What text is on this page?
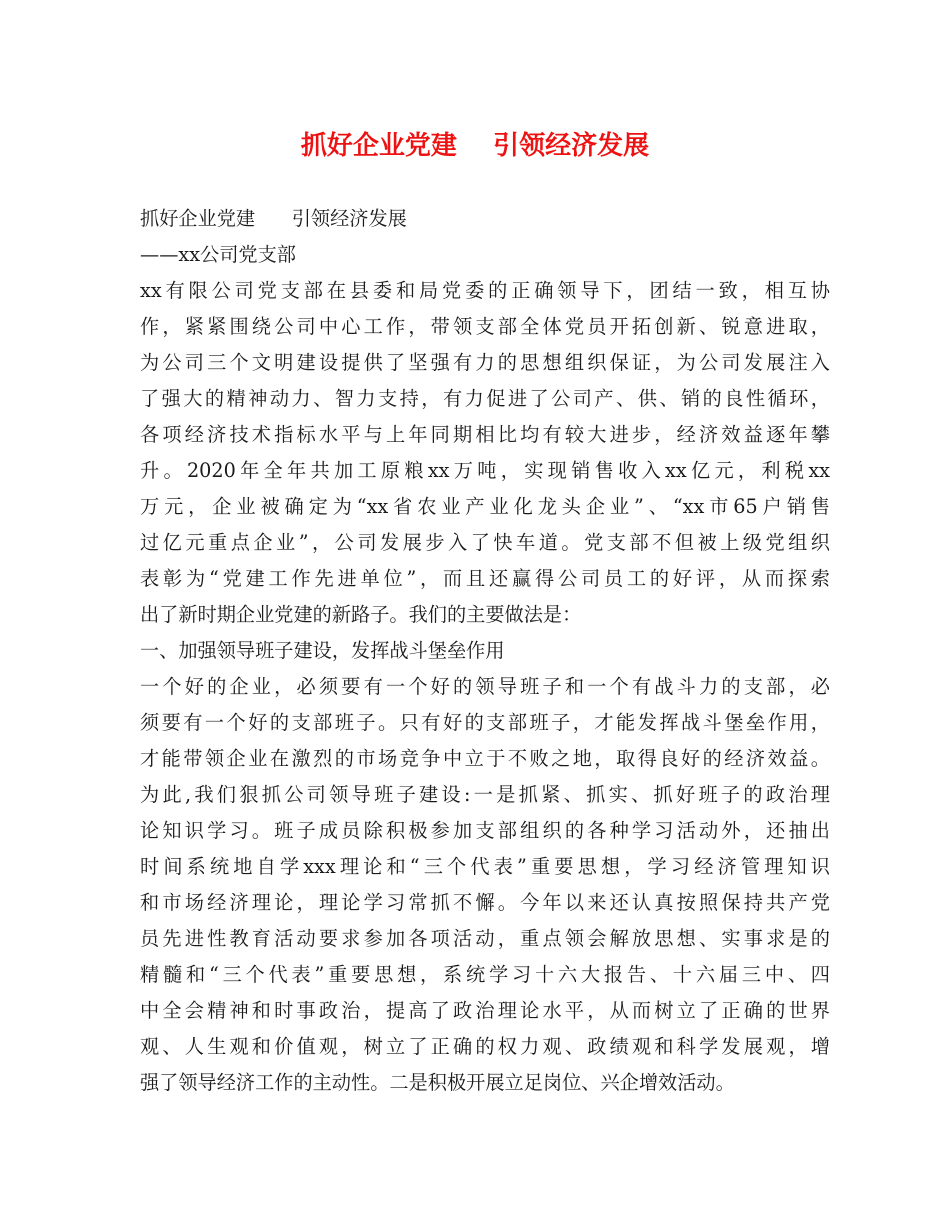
抓好企业党建    引领经济发展
抓好企业党建      引领经济发展
——xx公司党支部
xx有限公司党支部在县委和局党委的正确领导下，团结一致，相互协
作，紧紧围绕公司中心工作，带领支部全体党员开拓创新、锐意进取，
为公司三个文明建设提供了坚强有力的思想组织保证，为公司发展注入
了强大的精神动力、智力支持，有力促进了公司产、供、销的良性循环，
各项经济技术指标水平与上年同期相比均有较大进步，经济效益逐年攀
升。2020年全年共加工原粮xx万吨，实现销售收入xx亿元，利税xx
万元，企业被确定为“xx省农业产业化龙头企业”、“xx市65户销售
过亿元重点企业”，公司发展步入了快车道。党支部不但被上级党组织
表彰为“党建工作先进单位”，而且还赢得公司员工的好评，从而探索
出了新时期企业党建的新路子。我们的主要做法是：
一、加强领导班子建设，发挥战斗堡垒作用
一个好的企业，必须要有一个好的领导班子和一个有战斗力的支部，必
须要有一个好的支部班子。只有好的支部班子，才能发挥战斗堡垒作用，
才能带领企业在激烈的市场竞争中立于不败之地，取得良好的经济效益。
为此,我们狠抓公司领导班子建设:一是抓紧、抓实、抓好班子的政治理
论知识学习。班子成员除积极参加支部组织的各种学习活动外，还抽出
时间系统地自学xxx理论和“三个代表”重要思想，学习经济管理知识
和市场经济理论，理论学习常抓不懈。今年以来还认真按照保持共产党
员先进性教育活动要求参加各项活动，重点领会解放思想、实事求是的
精髓和“三个代表”重要思想，系统学习十六大报告、十六届三中、四
中全会精神和时事政治，提高了政治理论水平，从而树立了正确的世界
观、人生观和价值观，树立了正确的权力观、政绩观和科学发展观，增
强了领导经济工作的主动性。二是积极开展立足岗位、兴企增效活动。
